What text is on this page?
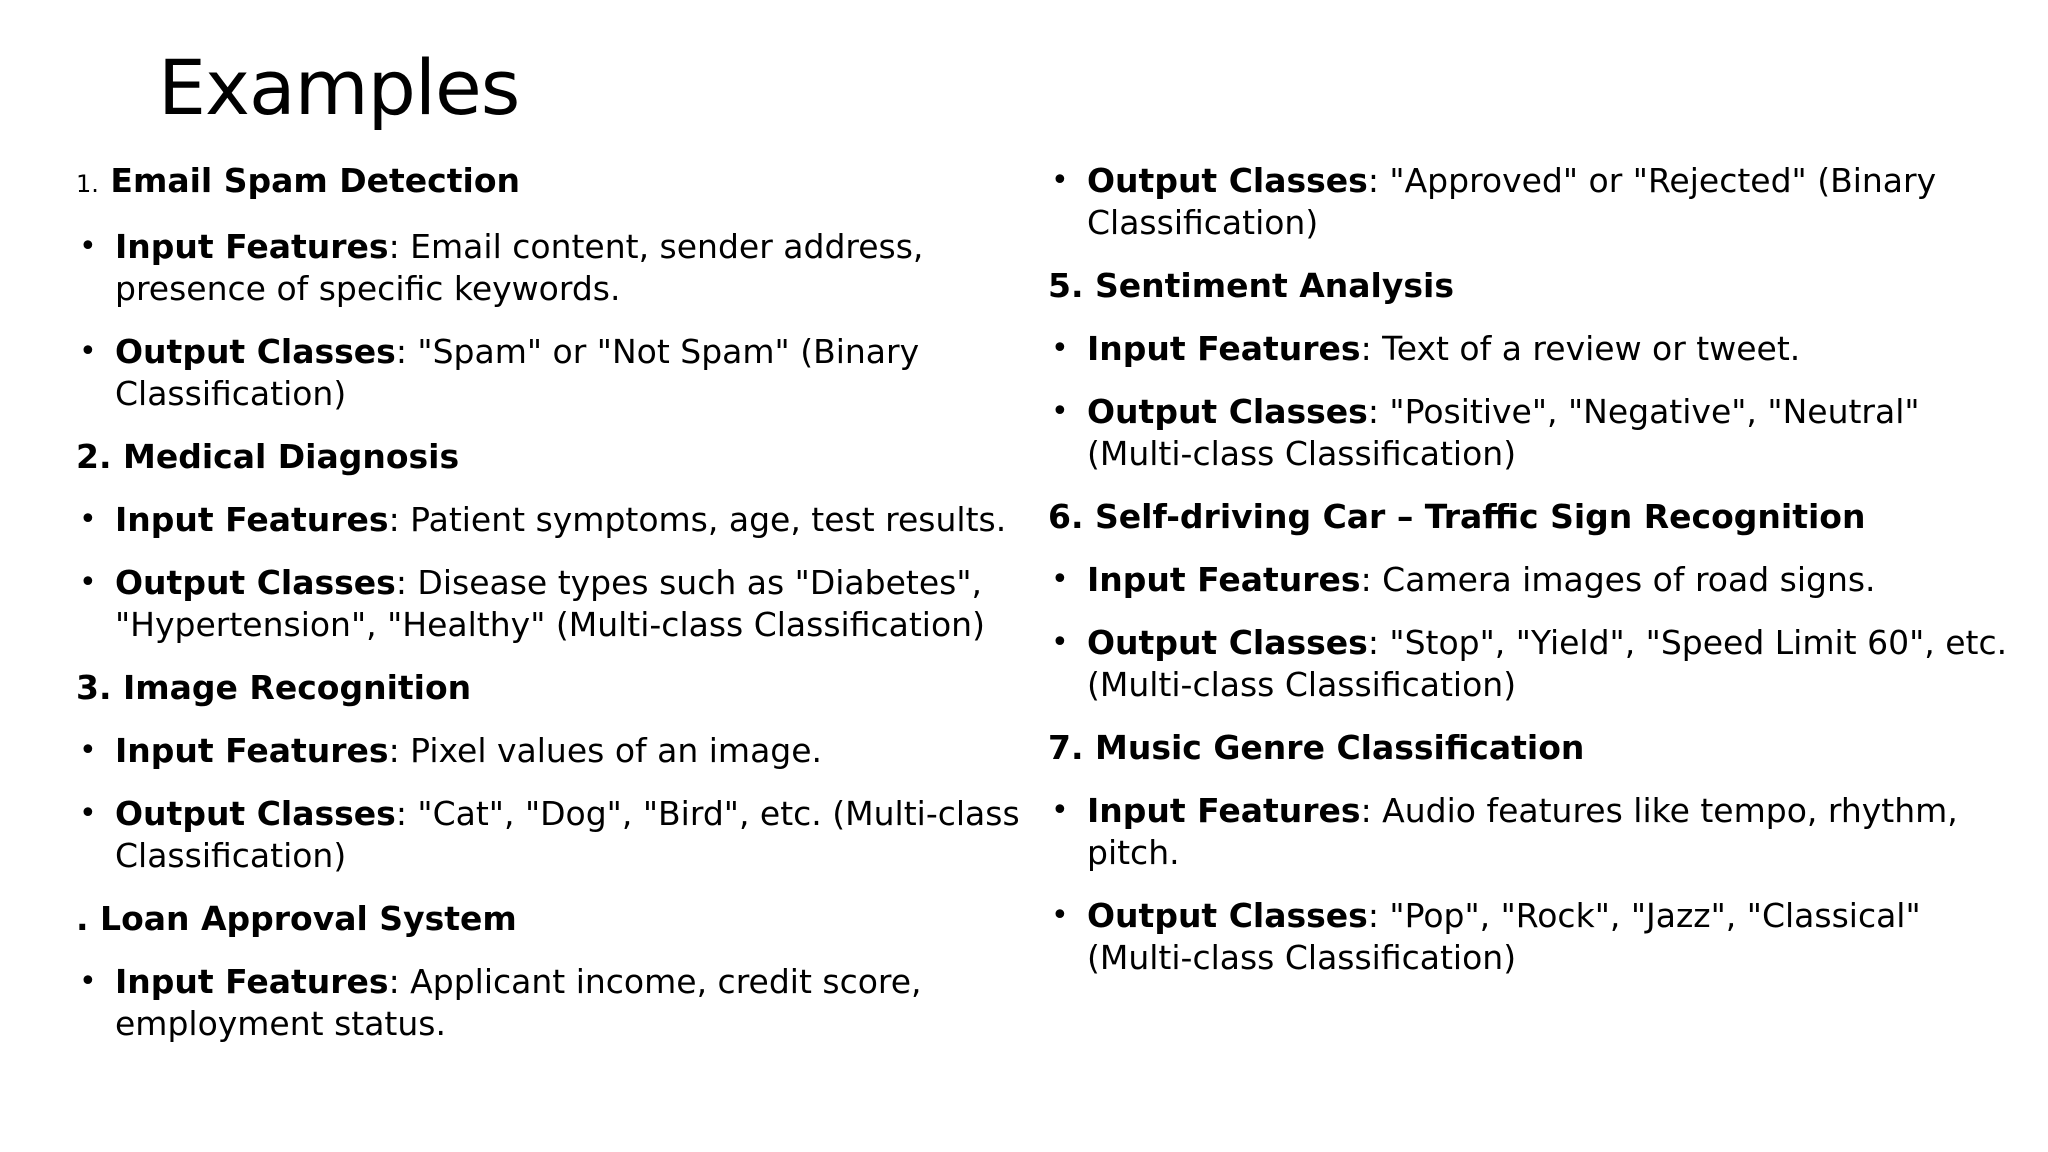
Examples

1. Email Spam Detection

• Input Features: Email content, sender address, presence of specific keywords.

• Output Classes: "Spam" or "Not Spam" (Binary Classification)

2. Medical Diagnosis

• Input Features: Patient symptoms, age, test results.

• Output Classes: Disease types such as "Diabetes", "Hypertension", "Healthy" (Multi-class Classification)

3. Image Recognition

• Input Features: Pixel values of an image.

• Output Classes: "Cat", "Dog", "Bird", etc. (Multi-class Classification)

. Loan Approval System

• Input Features: Applicant income, credit score, employment status.

• Output Classes: "Approved" or "Rejected" (Binary Classification)

5. Sentiment Analysis

• Input Features: Text of a review or tweet.

• Output Classes: "Positive", "Negative", "Neutral" (Multi-class Classification)

6. Self-driving Car – Traffic Sign Recognition

• Input Features: Camera images of road signs.

• Output Classes: "Stop", "Yield", "Speed Limit 60", etc. (Multi-class Classification)

7. Music Genre Classification

• Input Features: Audio features like tempo, rhythm, pitch.

• Output Classes: "Pop", "Rock", "Jazz", "Classical" (Multi-class Classification)
